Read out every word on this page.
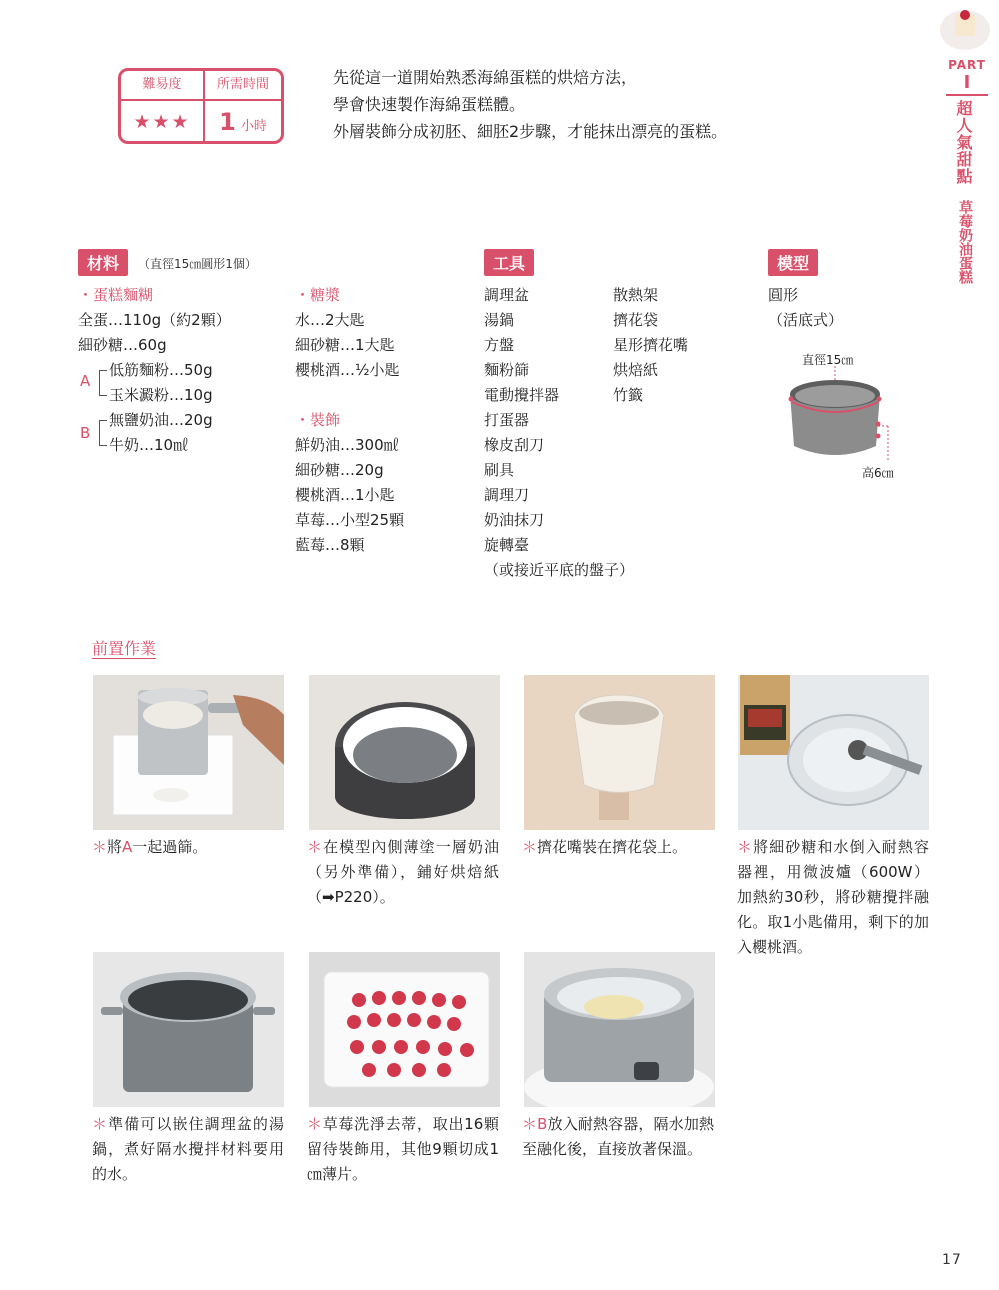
難易度
★★★
所需時間
1 小時
先從這一道開始熟悉海綿蛋糕的烘焙方法，
學會快速製作海綿蛋糕體。
外層裝飾分成初胚、細胚2步驟，才能抹出漂亮的蛋糕。
PART
I
超人氣甜點
草莓奶油蛋糕
材料	（直徑15㎝圓形1個）
・蛋糕麵糊
全蛋…110g（約2顆）
細砂糖…60g
低筋麵粉…50g
玉米澱粉…10g
無鹽奶油…20g
牛奶…10㎖
A
B
・糖漿
水…2大匙
細砂糖…1大匙
櫻桃酒…½小匙
・裝飾
鮮奶油…300㎖
細砂糖…20g
櫻桃酒…1小匙
草莓…小型25顆
藍莓…8顆
工具
調理盆
湯鍋
方盤
麵粉篩
電動攪拌器
打蛋器
橡皮刮刀
刷具
調理刀
奶油抹刀
旋轉臺
（或接近平底的盤子）
散熱架
擠花袋
星形擠花嘴
烘焙紙
竹籤
模型
圓形
（活底式）
直徑15㎝
高6㎝
前置作業
＊將A一起過篩。	＊在模型內側薄塗一層奶油（另外準備），鋪好烘焙紙（➡P220）。
＊擠花嘴裝在擠花袋上。	＊將細砂糖和水倒入耐熱容器裡，用微波爐（600W）加熱約30秒，將砂糖攪拌融化。取1小匙備用，剩下的加入櫻桃酒。
＊準備可以嵌住調理盆的湯鍋，煮好隔水攪拌材料要用的水。
＊草莓洗淨去蒂，取出16顆留待裝飾用，其他9顆切成1㎝薄片。
＊B放入耐熱容器，隔水加熱至融化後，直接放著保溫。
17
